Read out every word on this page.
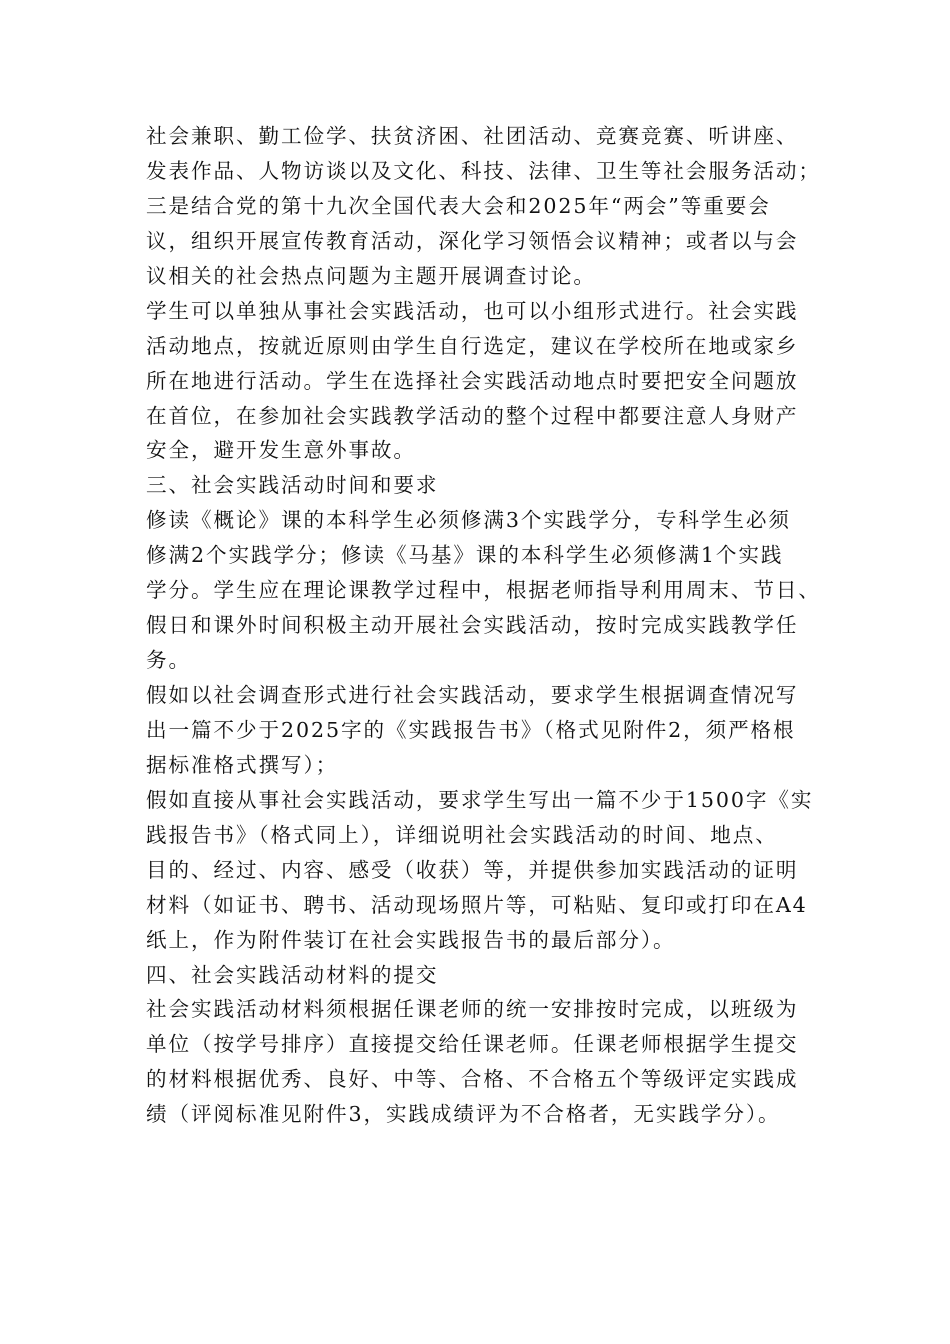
社会兼职、勤工俭学、扶贫济困、社团活动、竞赛竞赛、听讲座、
发表作品、人物访谈以及文化、科技、法律、卫生等社会服务活动；
三是结合党的第十九次全国代表大会和2025年“两会”等重要会
议，组织开展宣传教育活动，深化学习领悟会议精神；或者以与会
议相关的社会热点问题为主题开展调查讨论。
学生可以单独从事社会实践活动，也可以小组形式进行。社会实践
活动地点，按就近原则由学生自行选定，建议在学校所在地或家乡
所在地进行活动。学生在选择社会实践活动地点时要把安全问题放
在首位，在参加社会实践教学活动的整个过程中都要注意人身财产
安全，避开发生意外事故。
三、社会实践活动时间和要求
修读《概论》课的本科学生必须修满3个实践学分，专科学生必须
修满2个实践学分；修读《马基》课的本科学生必须修满1个实践
学分。学生应在理论课教学过程中，根据老师指导利用周末、节日、
假日和课外时间积极主动开展社会实践活动，按时完成实践教学任
务。
假如以社会调查形式进行社会实践活动，要求学生根据调查情况写
出一篇不少于2025字的《实践报告书》（格式见附件2，须严格根
据标准格式撰写）；
假如直接从事社会实践活动，要求学生写出一篇不少于1500字《实
践报告书》（格式同上），详细说明社会实践活动的时间、地点、
目的、经过、内容、感受（收获）等，并提供参加实践活动的证明
材料（如证书、聘书、活动现场照片等，可粘贴、复印或打印在A4
纸上，作为附件装订在社会实践报告书的最后部分）。
四、社会实践活动材料的提交
社会实践活动材料须根据任课老师的统一安排按时完成，以班级为
单位（按学号排序）直接提交给任课老师。任课老师根据学生提交
的材料根据优秀、良好、中等、合格、不合格五个等级评定实践成
绩（评阅标准见附件3，实践成绩评为不合格者，无实践学分）。
